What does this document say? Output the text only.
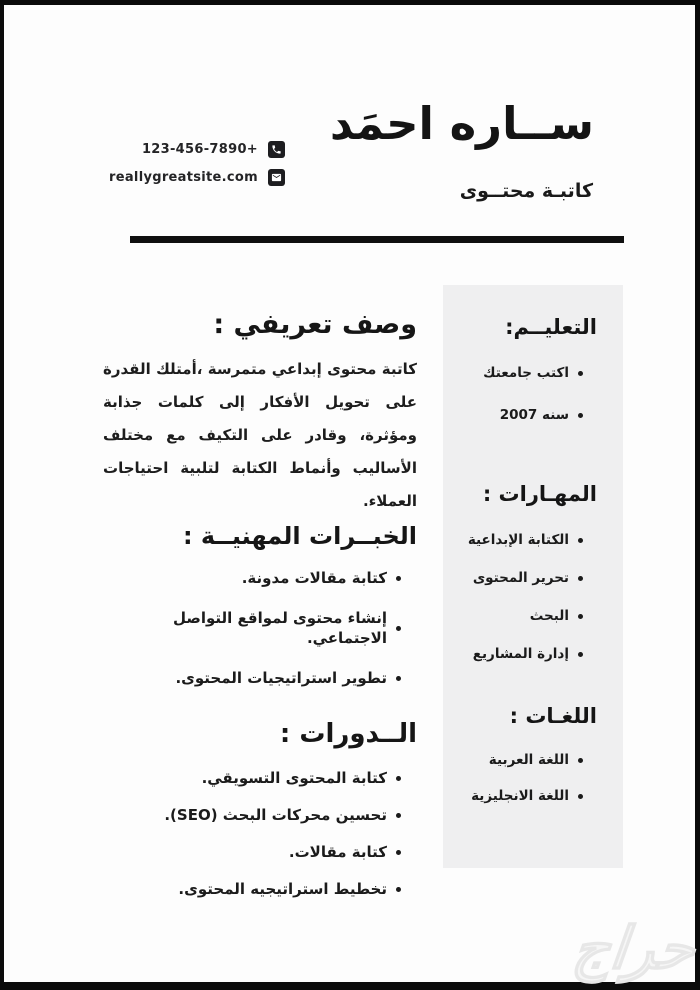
123-456-7890+
reallygreatsite.com
ســاره احمَد
كاتبـة محتــوى
وصف تعريفي :

كاتبة محتوى إبداعي متمرسة ،أمتلك القدرة على تحويل الأفكار إلى كلمات جذابة ومؤثرة، وقادر على التكيف مع مختلف الأساليب وأنماط الكتابة لتلبية احتياجات العملاء.

الخبــرات المهنيــة :
كتابة مقالات مدونة.
إنشاء محتوى لمواقع التواصل الاجتماعي.
تطوير استراتيجيات المحتوى.
الــدورات :
كتابة المحتوى التسويقي.
تحسين محركات البحث (SEO).
كتابة مقالات.
تخطيط استراتيجيه المحتوى.
التعليــم:
اكتب جامعتك
سنه 2007
المهـارات :
الكتابة الإبداعية
تحرير المحتوى
البحث
إدارة المشاريع
اللغـات :
اللغة العربية
اللغة الانجليزية
حراج
